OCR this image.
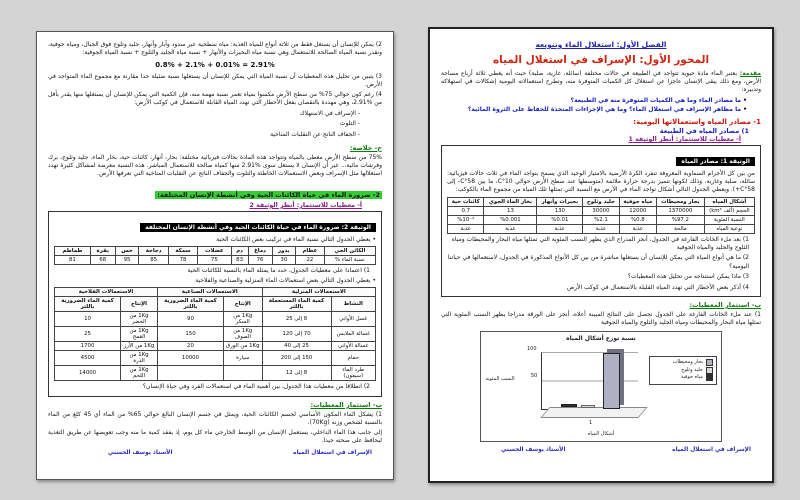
2) يمكن للإنسان أن يستغل فقط من ثلاثة أنواع للمياه العذبة: مياه سطحية عبر سدود وآبار وأنهار، جليد وثلوج فوق الجبال، ومياه جوفية، وتقدر نسبة المياه الصالحة للاستعمال وهي نسبة مياه البحيرات والأنهار + نسبة مياه الجليد والثلوج + نسبة المياه الجوفية:

0.8% + 2.1% + 0.01% = 2.91%

3) يتبين من تحليل هذه المعطيات أن نسبة المياه التي يمكن للإنسان أن يستغلها نسبة ضئيلة جدا مقارنة مع مجموع الماء المتواجد في الأرض.

4) رغم كون حوالي 75% من سطح الأرض مكسوا بمياه تغمر نسبة مهمة منه، فإن الكمية التي يمكن للإنسان أن يستغلها منها يقدر بأقل من %2.91، وهي مهددة بالنقصان بفعل الأخطار التي تهدد المياه القابلة للاستعمال في كوكب الأرض:

- الإسراف في الاستهلاك
- التلوث
- الجفاف الناتج عن التقلبات المناخية
ج- خلاصة:

75% من سطح الأرض مغطى بالمياه وتتواجد هذه المادة بحالات فيزيائية مختلفة: بحار، أنهار، كائنات حية، بخار الماء، جليد وثلوج، برك وفرشات مائية... غير أن الإنسان لا يستغل سوى %2.91 منها كمياه صالحة للاستعمال المباشر. هذه النسبة معرضة لمشاكل كثيرة تهدد استغلالها مثل الإسراف وبعض الاستعمالات الخاطئة والتلوث والجفاف الناتج عن التقلبات المناخية التي تعرفها الأرض.

2- ضرورة الماء في حياة الكائنات الحية وفي أنشطة الإنسان المختلفة:
أ- معطيات للاستثمار: أنظر الوثيقة 2
الوثيقة 2: ضرورة الماء في حياة الكائنات الحية وفي أنشطة الإنسان المختلفة
• يعطي الجدول التالي نسبة الماء في تركيب بعض الكائنات الحية
الكائن الحي	عظام	بذور	دماغ	دم	عضلات	سمكة	دجاجة	خس	بقرة	طماطم
نسبة الماء %	22	30	76	83	75	78	85	95	68	81
1) اعتمادا على معطيات الجدول، حدد ما يمثله الماء بالنسبة للكائنات الحية
• يعطي الجدول التالي بعض استعمالات الماء المنزلية والصناعية والفلاحية
الاستعمالات المنزلية		الاستعمالات الصناعية		الاستعمالات الفلاحية	
النشاط	كمية الماء المستعملة باللتر	الإنتاج	كمية الماء الضرورية باللتر	الإنتاج	كمية الماء الضرورية باللتر
غسل الأواني	8 إلى 25	1Kg من السكر	90	1Kg من الخضر	10
غسالة الملابس	70 إلى 120	1Kg من الصوف	150	1Kg من القمح	25
غسالة الأواني	25 إلى 40	1Kg من الورق	20	1Kg من الأرز	1700
حمام	150 إلى 200	سيارة	10000	1Kg من الذرة	4500
طرد الماء (سيفون)	8 إلى 12			1Kg من اللحم	14000
2) انطلاقا من معطيات هذا الجدول، بين أهمية الماء في استعمالات الفرد وفي حياة الإنسان؟
ب- استثمار المعطيات:

1) يشكل الماء المكون الأساسي لجسم الكائنات الحية، ويمثل في جسم الإنسان البالغ حوالي 65% من الماء أي 45 كلغ من الماء بالنسبة لشخص وزنه (70Kg).

إلى جانب هذا الماء الداخلي، يستعمل الإنسان من الوسط الخارجي ماء كل يوم، إذ يفقد كمية ما منه وجب تعويضها عن طريق التغذية ليحافظ على صحته جيدا.

الإسراف في استغلال المياه
الأستاذ يوسف الحسني
الفصل الأول: استغلال الماء وتنويعه
المحور الأول: الإسراف في استغلال المياه

مقدمة: يعتبر الماء مادة حيوية تتواجد في الطبيعة في حالات مختلفة (سائلة، غازية، صلبة) حيث أنه يغطي ثلاثة أرباع مساحة الأرض، ومع ذلك يبقى الإنسان عاجزا عن استغلال كل الكميات المتوفرة منه، وتطرح استعمالاته اليومية إشكالات في استهلاكه وتدبيره:

• ما مصادر الماء وما هي الكميات المتوفرة منه في الطبيعة؟
• ما مظاهر الإسراف في استغلال الماء؟ وما هي الإجراءات المتخذة للحفاظ على الثروة المائية؟
1- مصادر المياه واستعمالاتها اليومية:
1) مصادر المياه في الطبيعة
أ- معطيات للاستثمار: أنظر الوثيقة 1
الوثيقة 1: مصادر المياه

من بين كل الأجرام السماوية المعروفة تنفرد الكرة الأرضية بالامتياز الوحيد الذي يسمح بتواجد الماء في ثلاث حالات فيزيائية: سائلة، صلبة وغازية، وذلك لكونها تتميز بدرجة حرارة ملائمة (متوسطها عند سطح الأرض حوالي 10°C، ما بين 58°C- إلى 58°C+). ويعطي الجدول التالي أشكال تواجد الماء في الأرض مع النسبة التي تمثلها تلك المياه من مجموع الماء بالكوكب:

أشكال المياه	بحار ومحيطات	مياه جوفية	جليد وثلوج	بحيرات وأنهار	بخار الماء الجوي	كائنات حية
الحجم (ألف km³)	1370000	12000	30000	130	13	0.7
النسبة المئوية	%97.2	%0.8	%2.1	%0.01	%0.001	%10⁻⁴
نوعية المياه	مالحة	عذبة	عذبة	عذبة	عذبة	عذبة
1) بعد ملء الخانات الفارغة في الجدول، أنجز المدراج الذي يظهر النسب المئوية التي تمثلها مياه البحار والمحيطات ومياه الثلوج والجليد والمياه الجوفية
2) ما هي أنواع المياه التي يمكن للإنسان أن يستغلها مباشرة من بين كل الأنواع المذكورة في الجدول، لاستعمالها في حياتنا اليومية؟
3) ماذا يمكن استنتاجه من تحليل هذه المعطيات؟
4) أذكر بعض الأخطار التي تهدد المياه القليلة بالاستعمال في كوكب الأرض
ب- استثمار المعطيات:

1) عند ملء الخانات الفارغة على الجدول نحصل على النتائج المبينة أعلاه، أنجز على الورقة مدراجا يظهر النسب المئوية التي تمثلها مياه البحار والمحيطات ومياه الجليد والثلوج والمياه الجوفية

نسبة توزع أشكال المياه
النسب المئوية
100
50
1
بحار ومحيطات
جليد وثلوج
مياه جوفية
أشكال المياه
الإسراف في استغلال المياه
الأستاذ يوسف الحسني
